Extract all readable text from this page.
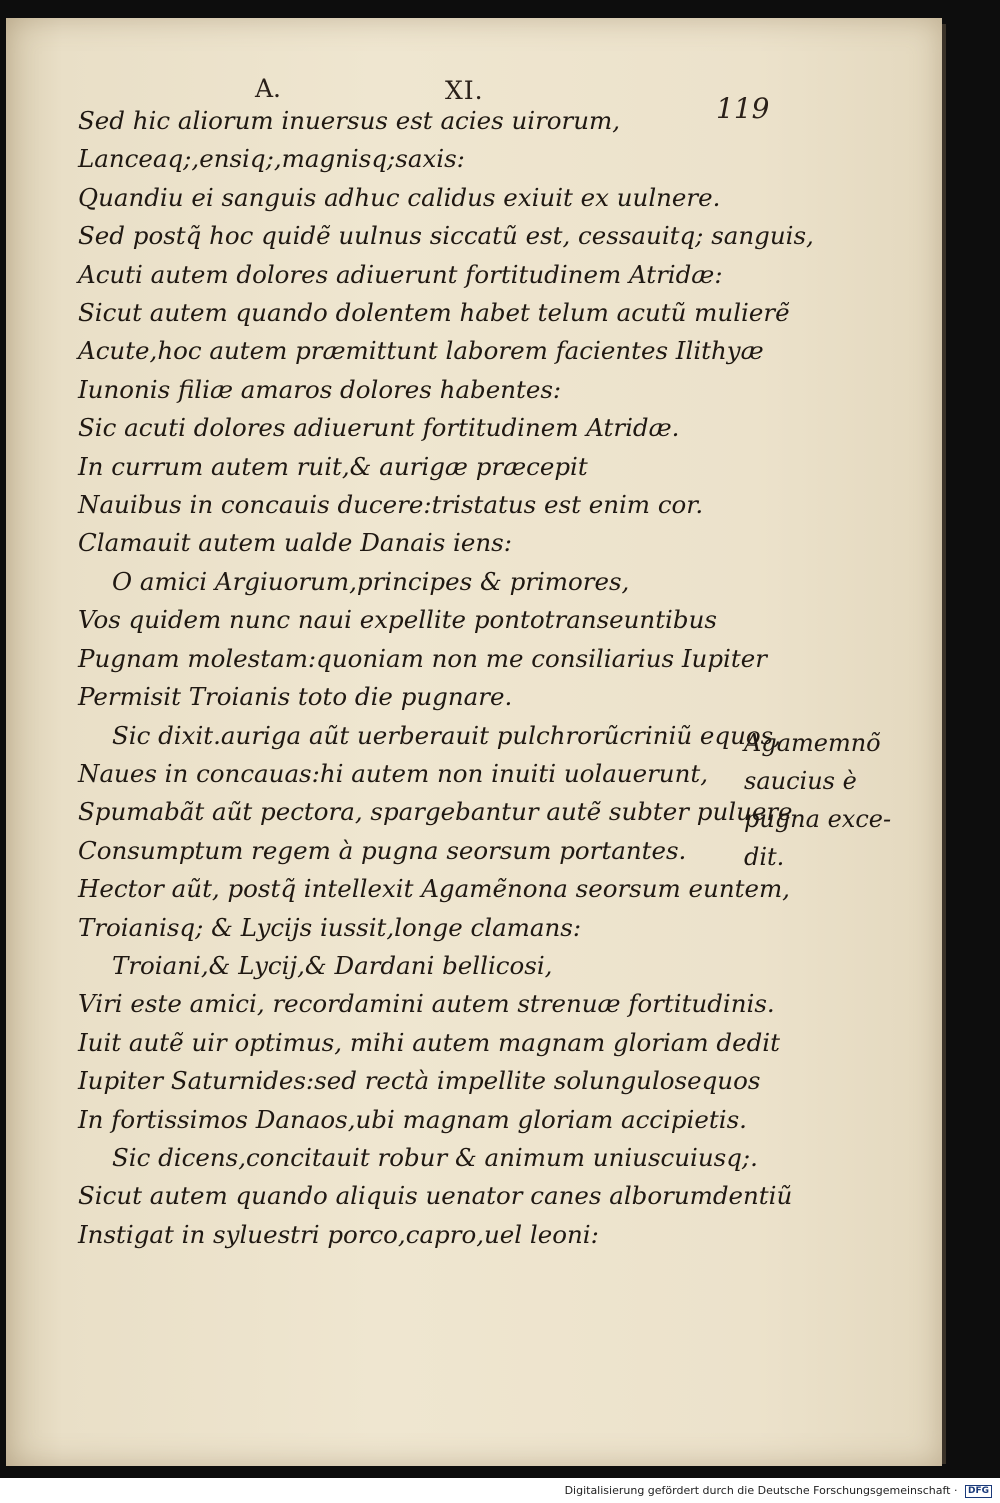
A.	XI.
119
Sed hic aliorum inuersus est acies uirorum,
Lanceaq;,ensiq;,magnisq;saxis:
Quandiu ei sanguis adhuc calidus exiuit ex uulnere.
Sed postq̃ hoc quidẽ uulnus siccatũ est, cessauitq; sanguis,
Acuti autem dolores adiuerunt fortitudinem Atridæ:
Sicut autem quando dolentem habet telum acutũ mulierẽ
Acute,hoc autem præmittunt laborem facientes Ilithyæ
Iunonis filiæ amaros dolores habentes:
Sic acuti dolores adiuerunt fortitudinem Atridæ.
In currum autem ruit,& aurigæ præcepit
Nauibus in concauis ducere:tristatus est enim cor.
Clamauit autem ualde Danais iens:
O amici Argiuorum,principes & primores,
Vos quidem nunc naui expellite pontotranseuntibus
Pugnam molestam:quoniam non me consiliarius Iupiter
Permisit Troianis toto die pugnare.
Sic dixit.auriga aũt uerberauit pulchrorũcriniũ equos,
Naues in concauas:hi autem non inuiti uolauerunt,
Spumabãt aũt pectora, spargebantur autẽ subter puluere
Consumptum regem à pugna seorsum portantes.
Hector aũt, postq̃ intellexit Agamẽnona seorsum euntem,
Troianisq; & Lycijs iussit,longe clamans:
Troiani,& Lycij,& Dardani bellicosi,
Viri este amici, recordamini autem strenuæ fortitudinis.
Iuit autẽ uir optimus, mihi autem magnam gloriam dedit
Iupiter Saturnides:sed rectà impellite solungulosequos
In fortissimos Danaos,ubi magnam gloriam accipietis.
Sic dicens,concitauit robur & animum uniuscuiusq;.
Sicut autem quando aliquis uenator canes alborumdentiũ
Instigat in syluestri porco,capro,uel leoni:
Agamemnõ
saucius è
pugna exce-
dit.
Digitalisierung gefördert durch die Deutsche Forschungsgemeinschaft · DFG
